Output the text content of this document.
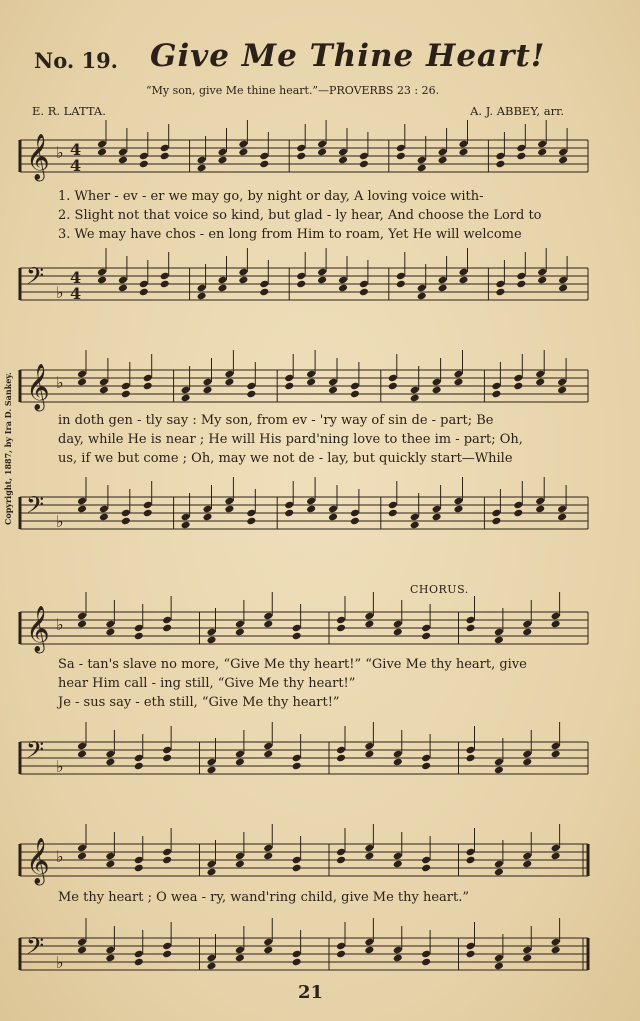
No. 19. Give Me Thine Heart!
“My son, give Me thine heart.”—PROVERBS 23 : 26.
E. R. LATTA.	A. J. ABBEY, arr.
Copyright, 1887, by Ira D. Sankey.
𝄞 ♭ 4
4
1. Wher - ev - er we may go, by night or day, A loving voice with-
2. Slight not that voice so kind, but glad - ly hear, And choose the Lord to
3. We may have chos - en long from Him to roam, Yet He will welcome
𝄢 ♭
4
4
𝄞 ♭
in doth gen - tly say : My son, from ev - 'ry way of sin de - part; Be
day, while He is near ; He will His pard'ning love to thee im - part; Oh,
us, if we but come ; Oh, may we not de - lay, but quickly start—While
𝄢 ♭
CHORUS.
𝄞 ♭
Sa - tan's slave no more, “Give Me thy heart!” “Give Me thy heart, give
hear Him call - ing still, “Give Me thy heart!”
Je - sus say - eth still, “Give Me thy heart!”
𝄢 ♭
𝄞 ♭
Me thy heart ; O wea - ry, wand'ring child, give Me thy heart.”
𝄢 ♭
21
